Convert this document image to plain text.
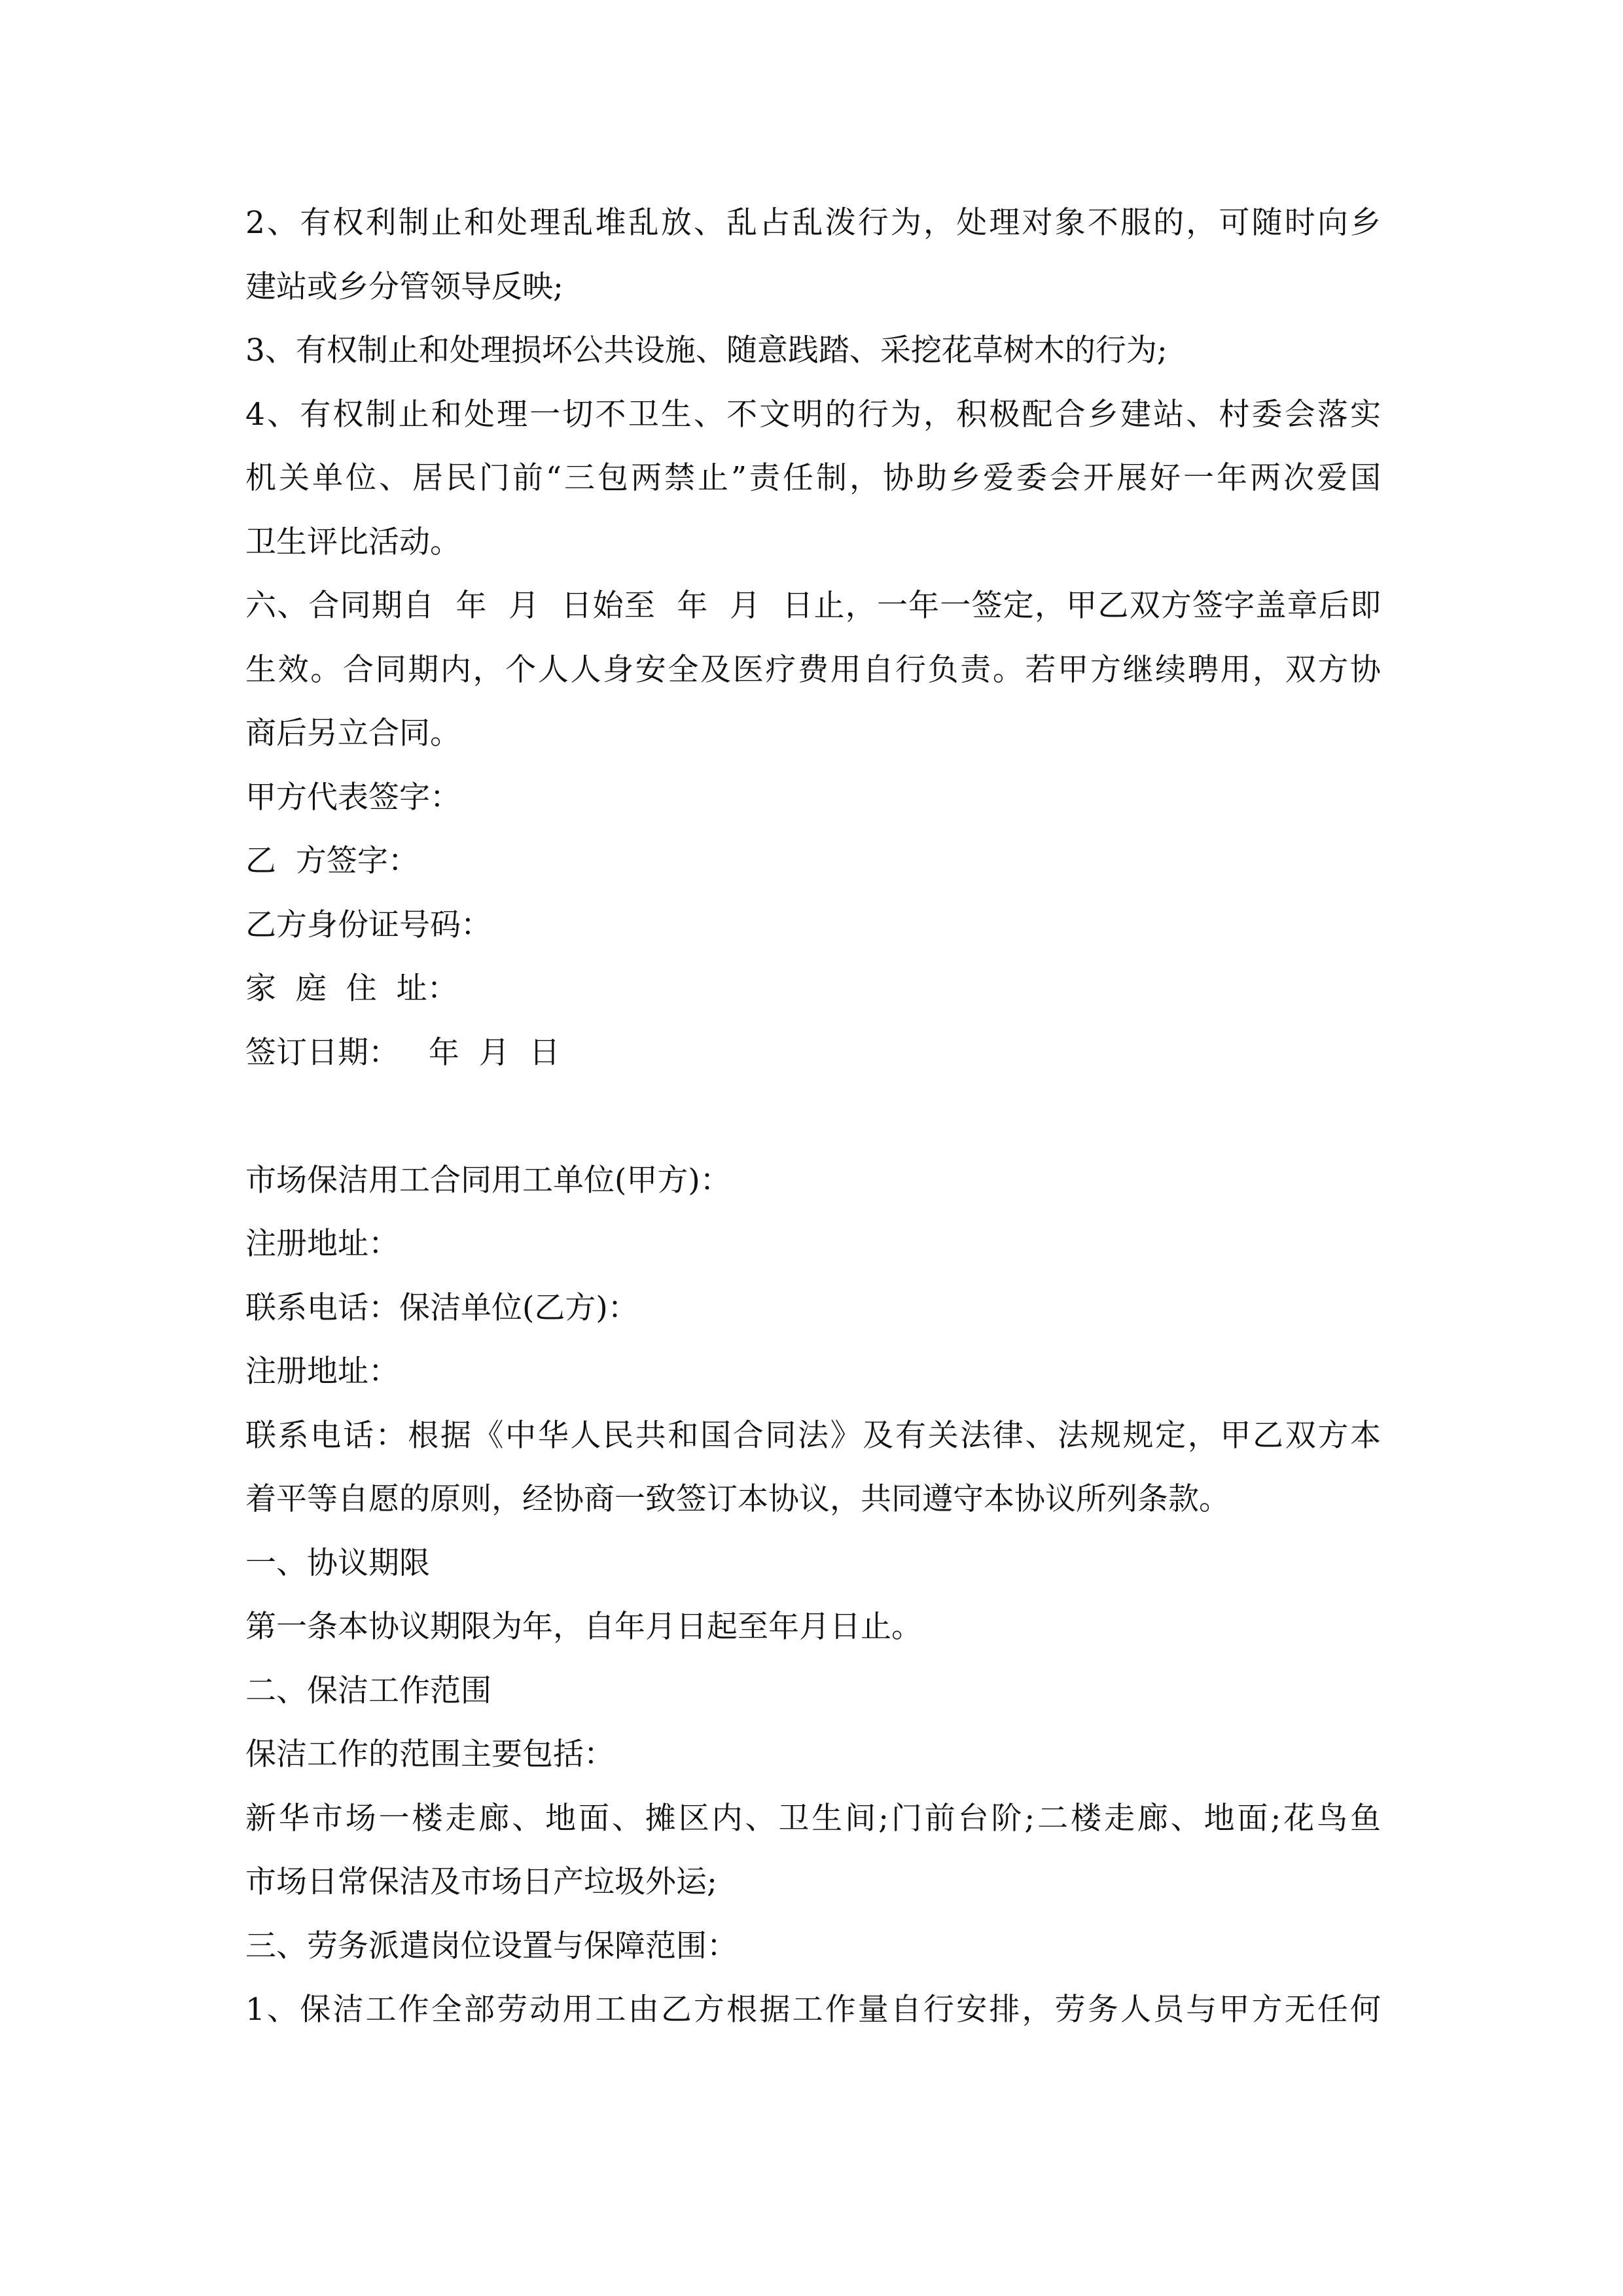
2、有权利制止和处理乱堆乱放、乱占乱泼行为，处理对象不服的，可随时向乡
建站或乡分管领导反映;
3、有权制止和处理损坏公共设施、随意践踏、采挖花草树木的行为;
4、有权制止和处理一切不卫生、不文明的行为，积极配合乡建站、村委会落实
机关单位、居民门前“三包两禁止”责任制，协助乡爱委会开展好一年两次爱国
卫生评比活动。
六、合同期自  年  月  日始至  年  月  日止，一年一签定，甲乙双方签字盖章后即
生效。合同期内，个人人身安全及医疗费用自行负责。若甲方继续聘用，双方协
商后另立合同。
甲方代表签字：
乙  方签字：
乙方身份证号码：
家  庭  住  址：
签订日期：   年  月  日
市场保洁用工合同用工单位(甲方)：
注册地址：
联系电话：保洁单位(乙方)：
注册地址：
联系电话：根据《中华人民共和国合同法》及有关法律、法规规定，甲乙双方本
着平等自愿的原则，经协商一致签订本协议，共同遵守本协议所列条款。
一、协议期限
第一条本协议期限为年，自年月日起至年月日止。
二、保洁工作范围
保洁工作的范围主要包括：
新华市场一楼走廊、地面、摊区内、卫生间;门前台阶;二楼走廊、地面;花鸟鱼
市场日常保洁及市场日产垃圾外运;
三、劳务派遣岗位设置与保障范围：
1、保洁工作全部劳动用工由乙方根据工作量自行安排，劳务人员与甲方无任何
